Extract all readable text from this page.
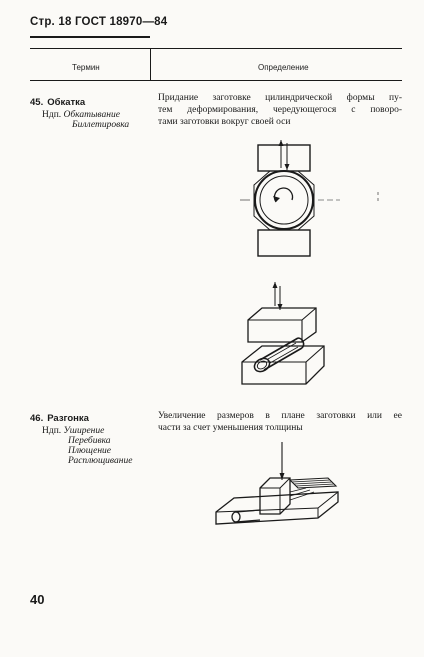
Стр. 18 ГОСТ 18970—84
Термин	Определение
45. Обкатка
Ндп. Обкатывание
Биллетировка
Придание заготовке цилиндрической формы пу-
тем деформирования, чередующегося с поворо-
тами заготовки вокруг своей оси
46. Разгонка
Ндп. Уширение
Перебивка
Плющение
Расплющивание
Увеличение размеров в плане заготовки или ее
части за счет уменьшения толщины
40
